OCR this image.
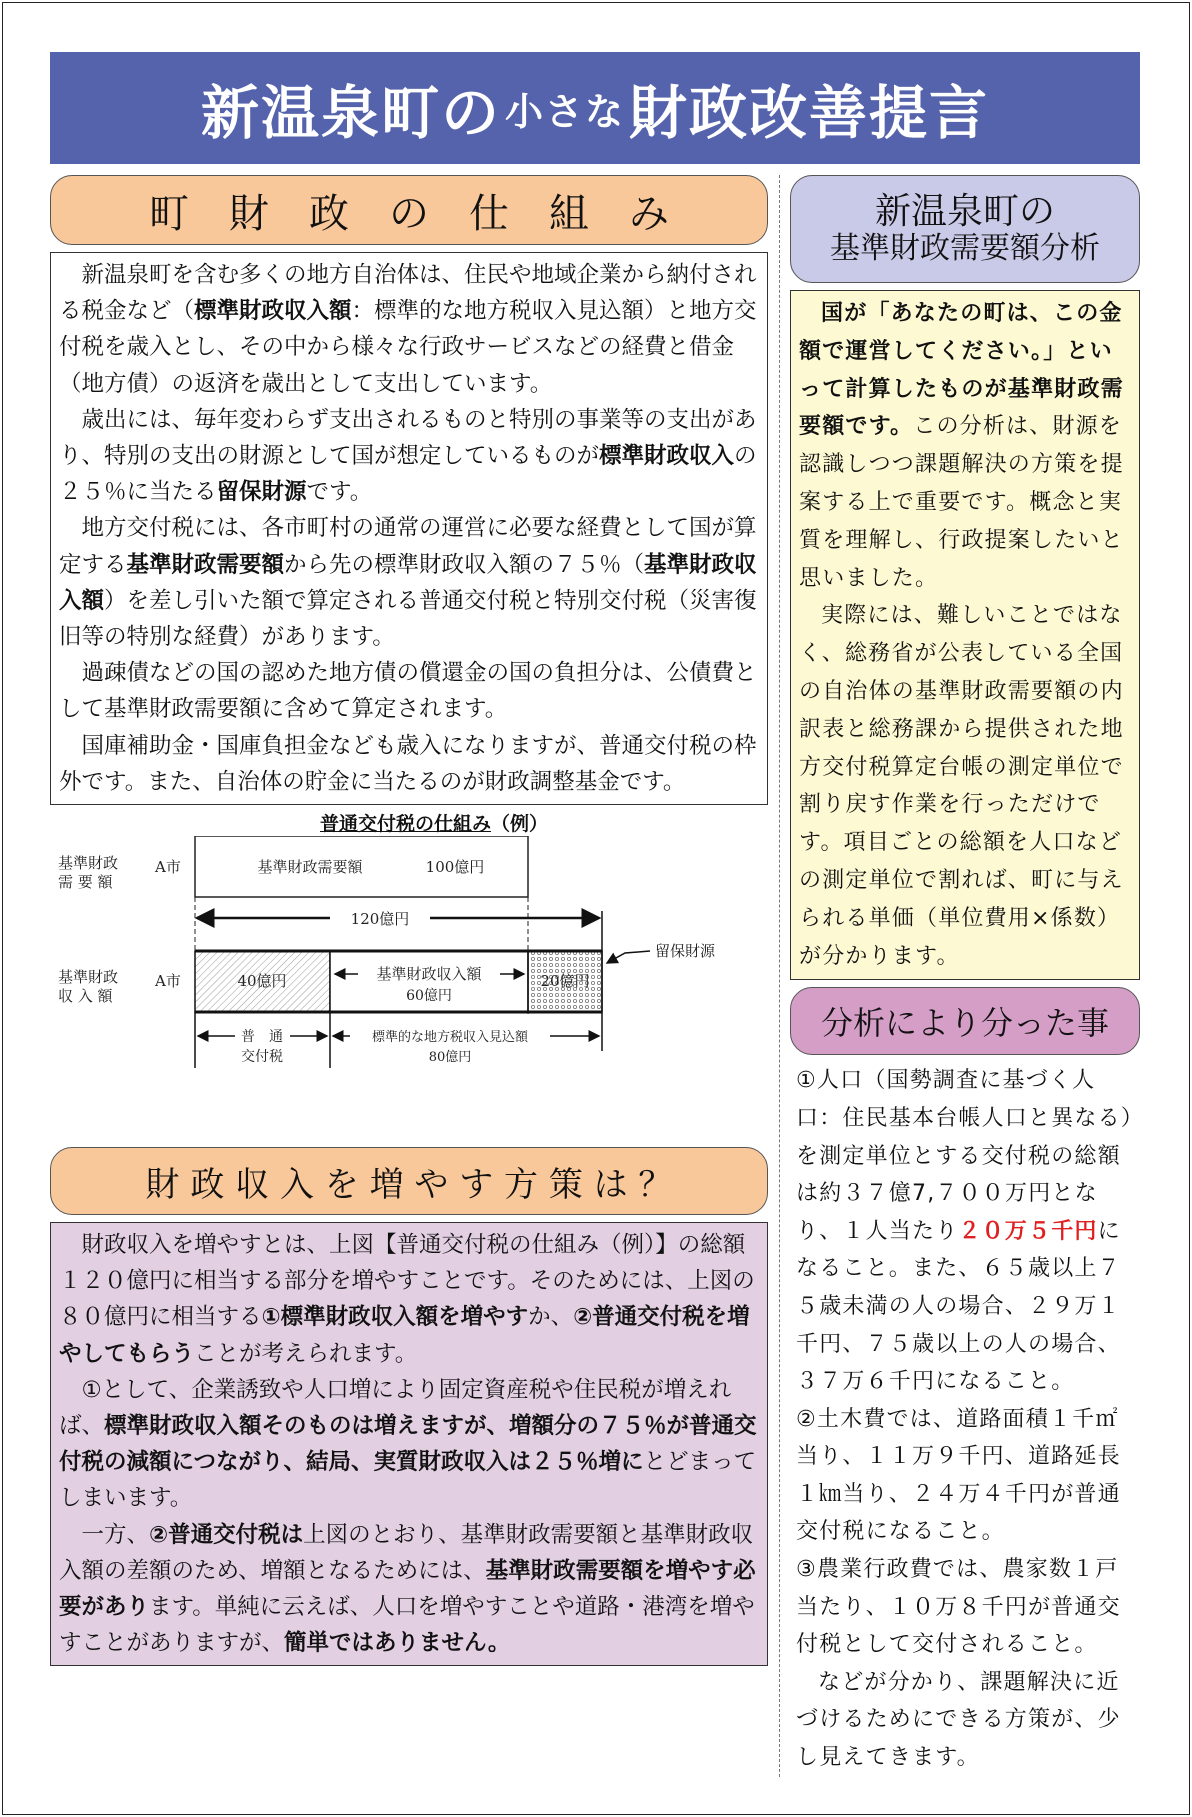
新温泉町の 小さな 財政改善提言
町　財　政　の　仕　組　み

新温泉町を含む多くの地方自治体は、住民や地域企業から納付される税金など（標準財政収入額：標準的な地方税収入見込額）と地方交付税を歳入とし、その中から様々な行政サービスなどの経費と借金（地方債）の返済を歳出として支出しています。

歳出には、毎年変わらず支出されるものと特別の事業等の支出があり、特別の支出の財源として国が想定しているものが標準財政収入の２５％に当たる留保財源です。

地方交付税には、各市町村の通常の運営に必要な経費として国が算定する基準財政需要額から先の標準財政収入額の７５％（基準財政収入額）を差し引いた額で算定される普通交付税と特別交付税（災害復旧等の特別な経費）があります。

過疎債などの国の認めた地方債の償還金の国の負担分は、公債費として基準財政需要額に含めて算定されます。

国庫補助金・国庫負担金なども歳入になりますが、普通交付税の枠外です。また、自治体の貯金に当たるのが財政調整基金です。

普通交付税の仕組み（例）
基準財政
需 要 額
A市	基準財政需要額	100億円
120億円
基準財政
収 入 額
A市	40億円	基準財政収入額
60億円
20億円
留保財源
普　通
交付税
標準的な地方税収入見込額
80億円
財 政 収 入 を 増 や す 方 策 は ？

財政収入を増やすとは、上図【普通交付税の仕組み（例）】の総額１２０億円に相当する部分を増やすことです。そのためには、上図の８０億円に相当する①標準財政収入額を増やすか、②普通交付税を増やしてもらうことが考えられます。

①として、企業誘致や人口増により固定資産税や住民税が増えれば、標準財政収入額そのものは増えますが、増額分の７５％が普通交付税の減額につながり、結局、実質財政収入は２５％増にとどまってしまいます。

一方、②普通交付税は上図のとおり、基準財政需要額と基準財政収入額の差額のため、増額となるためには、基準財政需要額を増やす必要があります。単純に云えば、人口を増やすことや道路・港湾を増やすことがありますが、簡単ではありません。

新温泉町の
基準財政需要額分析

国が「あなたの町は、この金額で運営してください。」といって計算したものが基準財政需要額です。この分析は、財源を認識しつつ課題解決の方策を提案する上で重要です。概念と実質を理解し、行政提案したいと思いました。

実際には、難しいことではなく、総務省が公表している全国の自治体の基準財政需要額の内訳表と総務課から提供された地方交付税算定台帳の測定単位で割り戻す作業を行っただけです。項目ごとの総額を人口などの測定単位で割れば、町に与えられる単価（単位費用×係数）が分かります。

分析により分った事

①人口（国勢調査に基づく人口：住民基本台帳人口と異なる）を測定単位とする交付税の総額は約３７億7,７００万円となり、１人当たり２０万５千円になること。また、６５歳以上７５歳未満の人の場合、２９万１千円、７５歳以上の人の場合、３７万６千円になること。

②土木費では、道路面積１千㎡当り、１１万９千円、道路延長１㎞当り、２４万４千円が普通交付税になること。

③農業行政費では、農家数１戸当たり、１０万８千円が普通交付税として交付されること。

などが分かり、課題解決に近づけるためにできる方策が、少し見えてきます。
